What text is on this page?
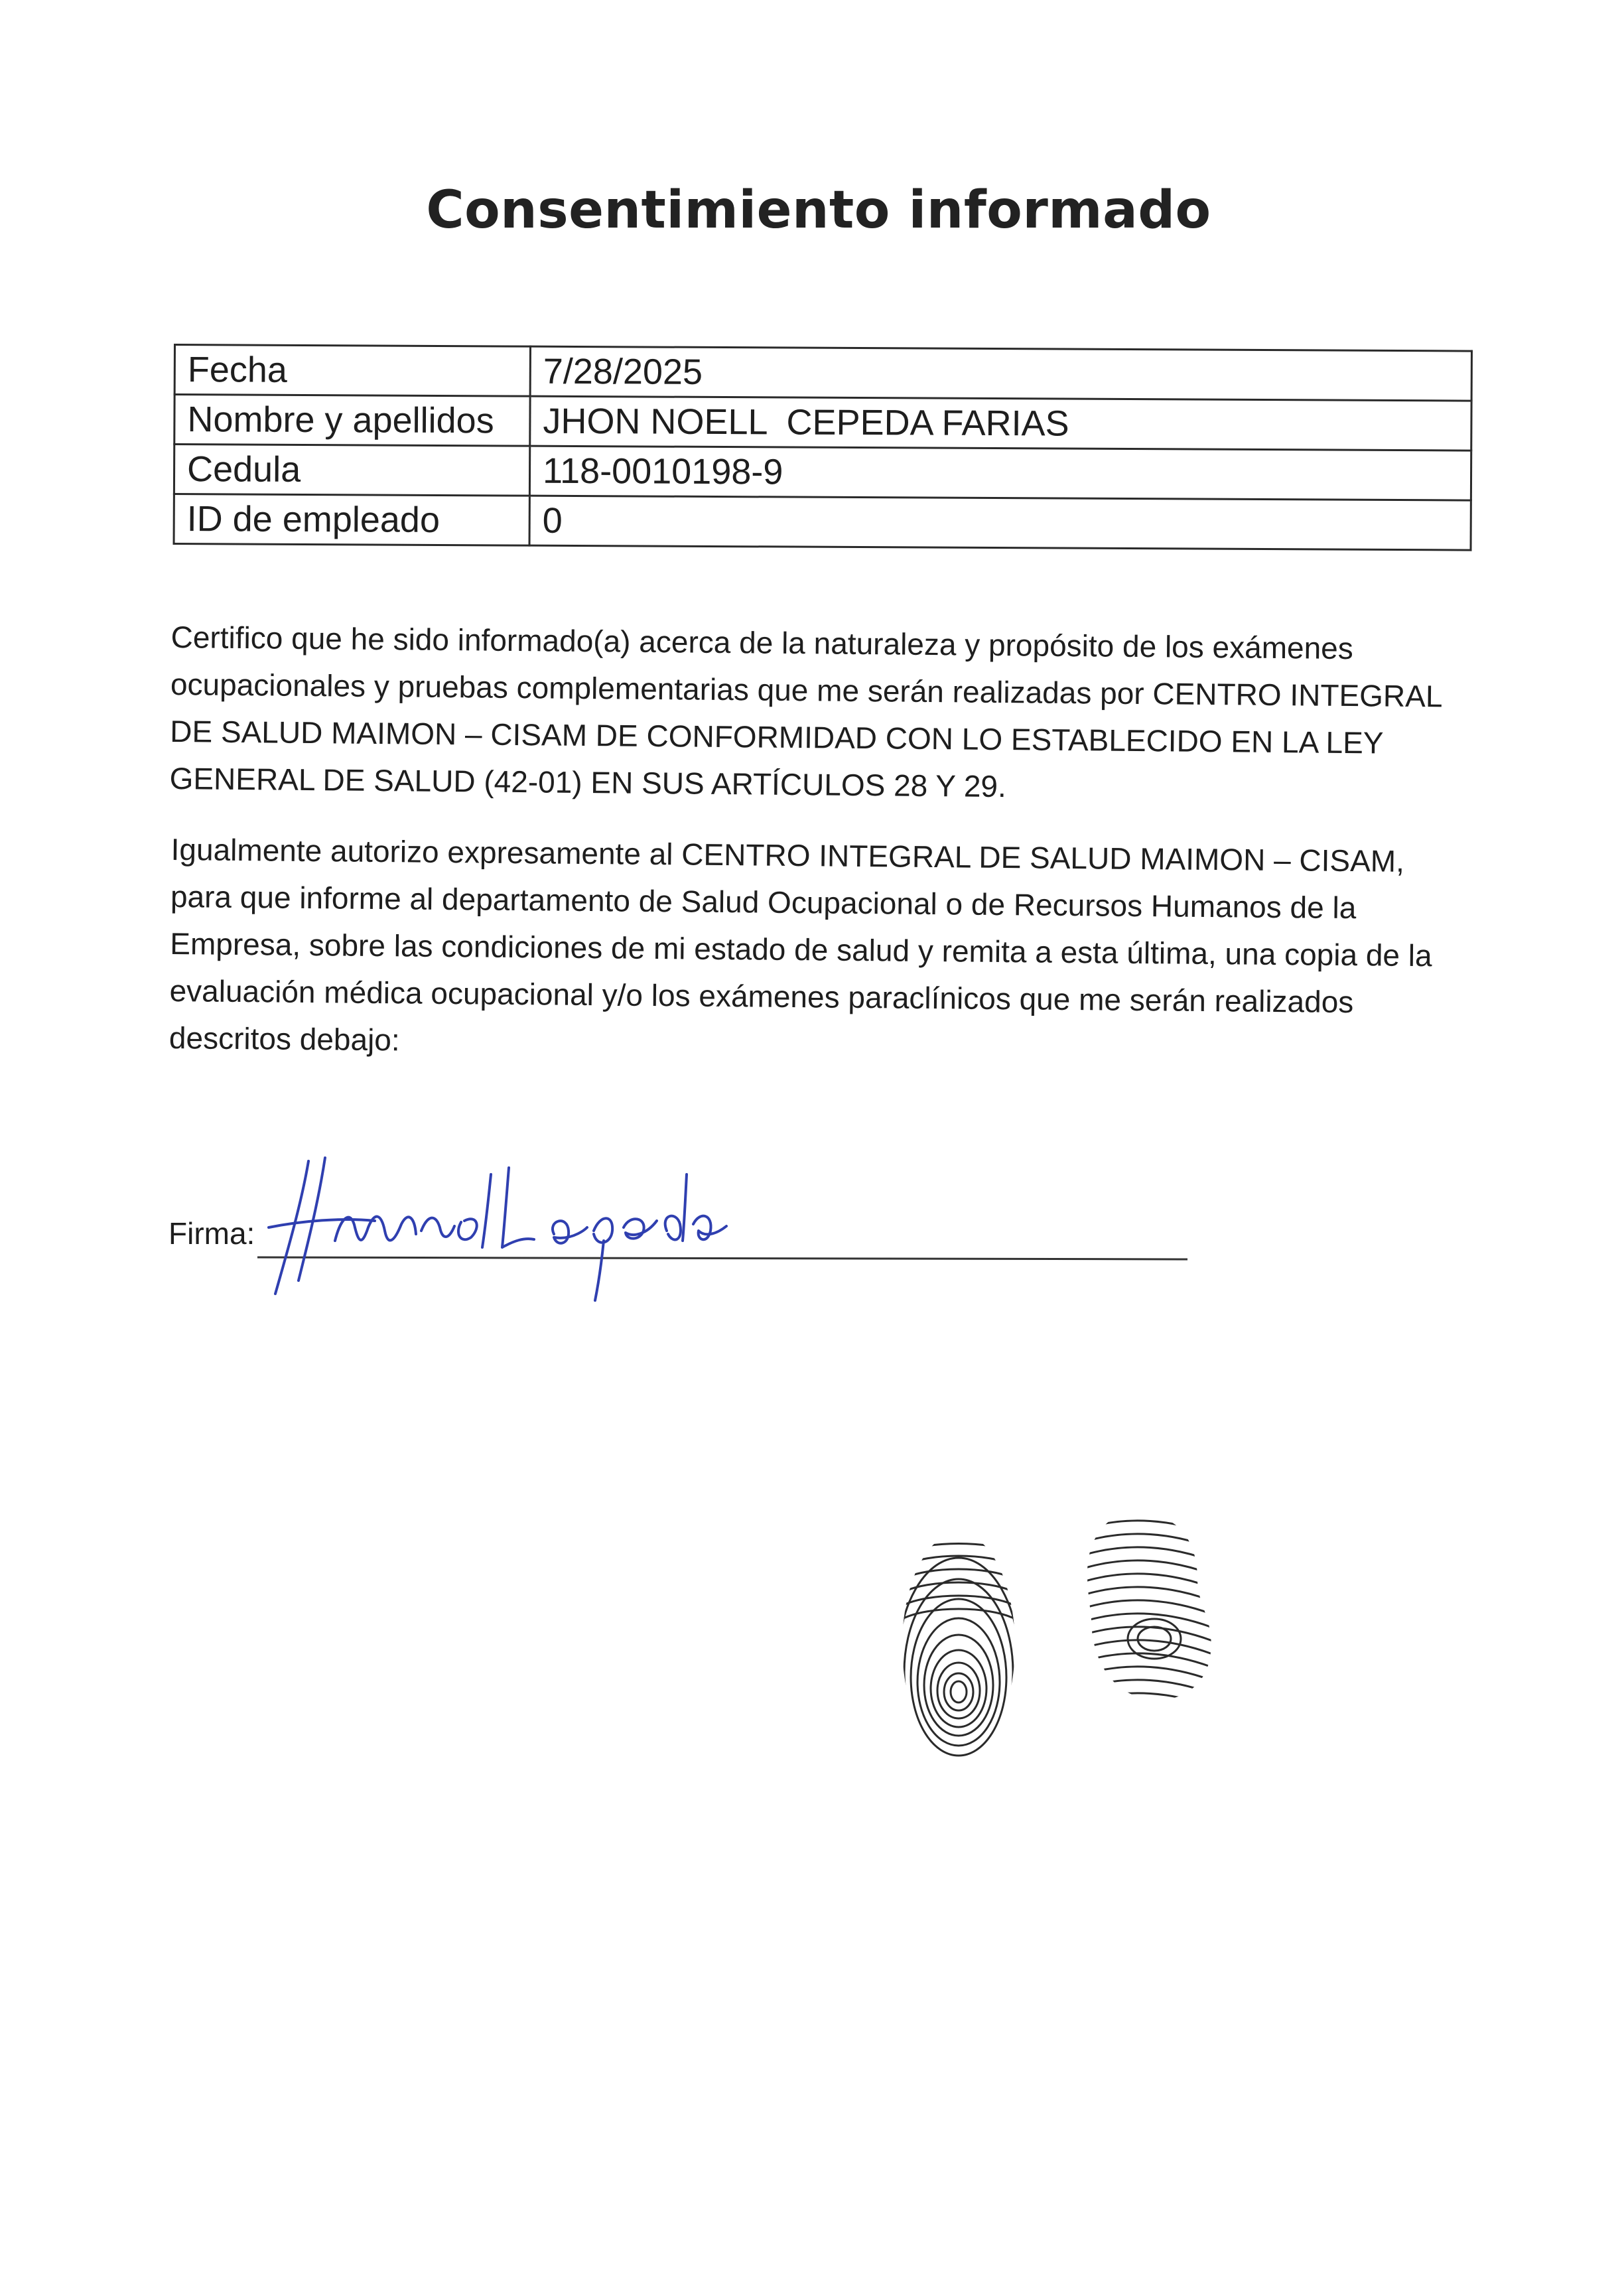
Consentimiento informado
Fecha	7/28/2025
Nombre y apellidos	JHON NOELL  CEPEDA FARIAS
Cedula	118-0010198-9
ID de empleado	0
Certifico que he sido informado(a) acerca de la naturaleza y propósito de los exámenes ocupacionales y pruebas complementarias que me serán realizadas por CENTRO INTEGRAL DE SALUD MAIMON – CISAM DE CONFORMIDAD CON LO ESTABLECIDO EN LA LEY GENERAL DE SALUD (42-01) EN SUS ARTÍCULOS 28 Y 29.
Igualmente autorizo expresamente al CENTRO INTEGRAL DE SALUD MAIMON – CISAM, para que informe al departamento de Salud Ocupacional o de Recursos Humanos de la Empresa, sobre las condiciones de mi estado de salud y remita a esta última, una copia de la evaluación médica ocupacional y/o los exámenes paraclínicos que me serán realizados descritos debajo:
Firma:
